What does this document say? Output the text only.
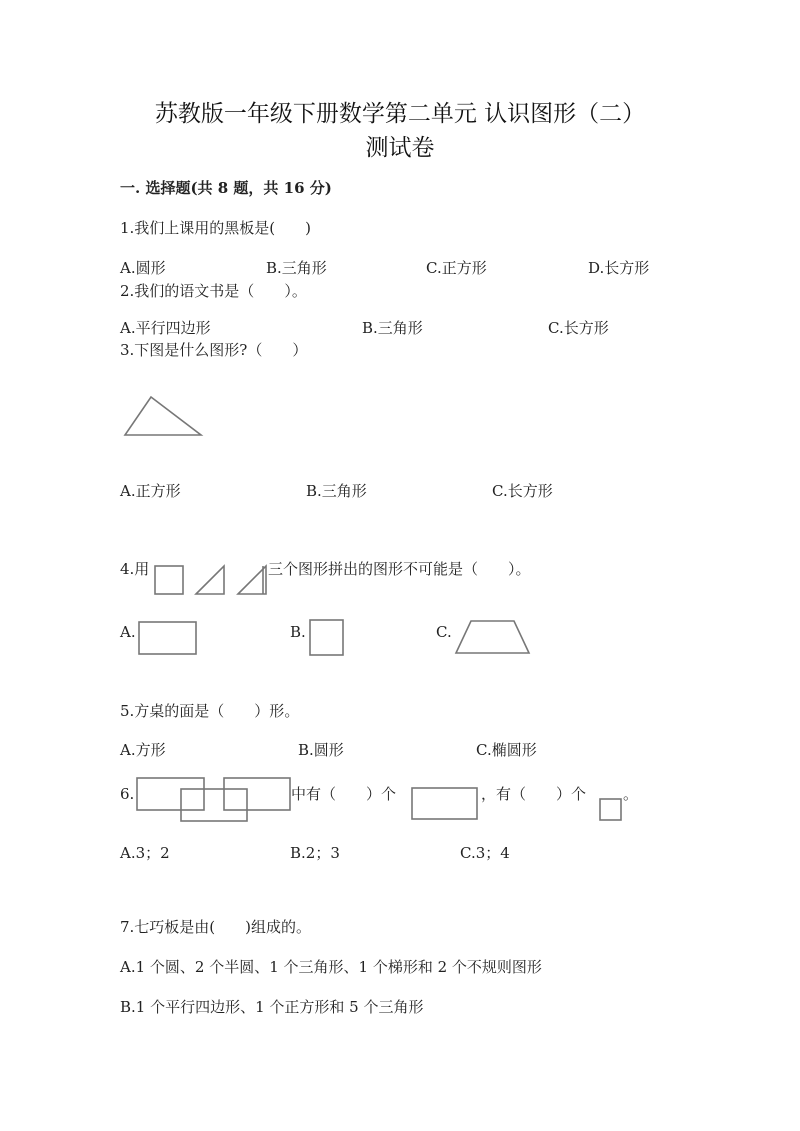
苏教版一年级下册数学第二单元 认识图形（二）
测试卷
一. 选择题(共 8 题，共 16 分)
1.我们上课用的黑板是(　　)
A.圆形	B.三角形	C.正方形	D.长方形
2.我们的语文书是（　　）。
A.平行四边形	B.三角形	C.长方形
3.下图是什么图形?（　　）
A.正方形	B.三角形	C.长方形
4.用	三个图形拼出的图形不可能是（　　）。
A.	B.	C.
5.方桌的面是（　　）形。
A.方形	B.圆形	C.椭圆形
6.	中有（　　）个	，有（　　）个 。
A.3；2	B.2；3	C.3；4
7.七巧板是由(　　)组成的。
A.1 个圆、2 个半圆、1 个三角形、1 个梯形和 2 个不规则图形
B.1 个平行四边形、1 个正方形和 5 个三角形
